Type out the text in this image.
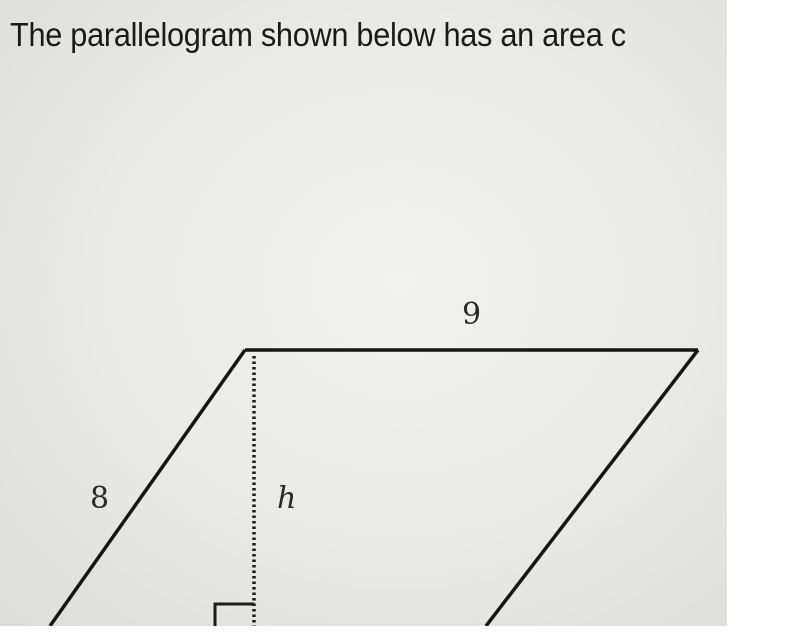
The parallelogram shown below has an area c
9
8	h
